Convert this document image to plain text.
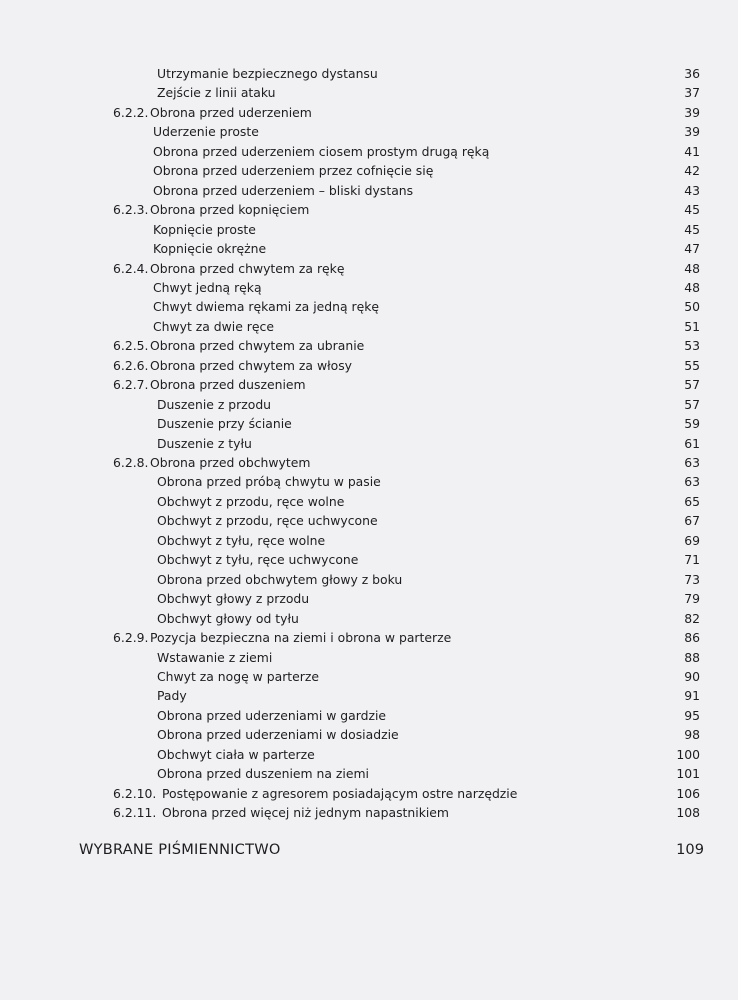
Utrzymanie bezpiecznego dystansu	36
Zejście z linii ataku	37
6.2.2. Obrona przed uderzeniem	39
Uderzenie proste	39
Obrona przed uderzeniem ciosem prostym drugą ręką	41
Obrona przed uderzeniem przez cofnięcie się	42
Obrona przed uderzeniem – bliski dystans	43
6.2.3. Obrona przed kopnięciem	45
Kopnięcie proste	45
Kopnięcie okrężne	47
6.2.4. Obrona przed chwytem za rękę	48
Chwyt jedną ręką	48
Chwyt dwiema rękami za jedną rękę	50
Chwyt za dwie ręce	51
6.2.5. Obrona przed chwytem za ubranie	53
6.2.6. Obrona przed chwytem za włosy	55
6.2.7. Obrona przed duszeniem	57
Duszenie z przodu	57
Duszenie przy ścianie	59
Duszenie z tyłu	61
6.2.8. Obrona przed obchwytem	63
Obrona przed próbą chwytu w pasie	63
Obchwyt z przodu, ręce wolne	65
Obchwyt z przodu, ręce uchwycone	67
Obchwyt z tyłu, ręce wolne	69
Obchwyt z tyłu, ręce uchwycone	71
Obrona przed obchwytem głowy z boku	73
Obchwyt głowy z przodu	79
Obchwyt głowy od tyłu	82
6.2.9. Pozycja bezpieczna na ziemi i obrona w parterze	86
Wstawanie z ziemi	88
Chwyt za nogę w parterze	90
Pady	91
Obrona przed uderzeniami w gardzie	95
Obrona przed uderzeniami w dosiadzie	98
Obchwyt ciała w parterze	100
Obrona przed duszeniem na ziemi	101
6.2.10. Postępowanie z agresorem posiadającym ostre narzędzie	106
6.2.11. Obrona przed więcej niż jednym napastnikiem	108
WYBRANE PIŚMIENNICTWO	109
